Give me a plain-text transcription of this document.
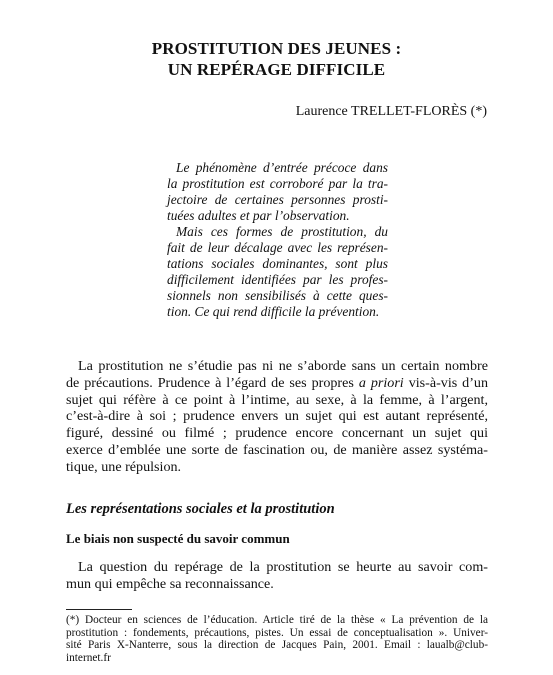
PROSTITUTION DES JEUNES :
UN REPÉRAGE DIFFICILE
Laurence TRELLET-FLORÈS (*)
Le phénomène d’entrée précoce dans
la prostitution est corroboré par la tra-
jectoire de certaines personnes prosti-
tuées adultes et par l’observation.
Mais ces formes de prostitution, du
fait de leur décalage avec les représen-
tations sociales dominantes, sont plus
difficilement identifiées par les profes-
sionnels non sensibilisés à cette ques-
tion. Ce qui rend difficile la prévention.
La prostitution ne s’étudie pas ni ne s’aborde sans un certain nombre
de précautions. Prudence à l’égard de ses propres a priori vis-à-vis d’un
sujet qui réfère à ce point à l’intime, au sexe, à la femme, à l’argent,
c’est-à-dire à soi ; prudence envers un sujet qui est autant représenté,
figuré, dessiné ou filmé ; prudence encore concernant un sujet qui
exerce d’emblée une sorte de fascination ou, de manière assez systéma-
tique, une répulsion.
Les représentations sociales et la prostitution
Le biais non suspecté du savoir commun
La question du repérage de la prostitution se heurte au savoir com-
mun qui empêche sa reconnaissance.
(*) Docteur en sciences de l’éducation. Article tiré de la thèse « La prévention de la
prostitution : fondements, précautions, pistes. Un essai de conceptualisation ». Univer-
sité Paris X-Nanterre, sous la direction de Jacques Pain, 2001. Email : laualb@club-
internet.fr
